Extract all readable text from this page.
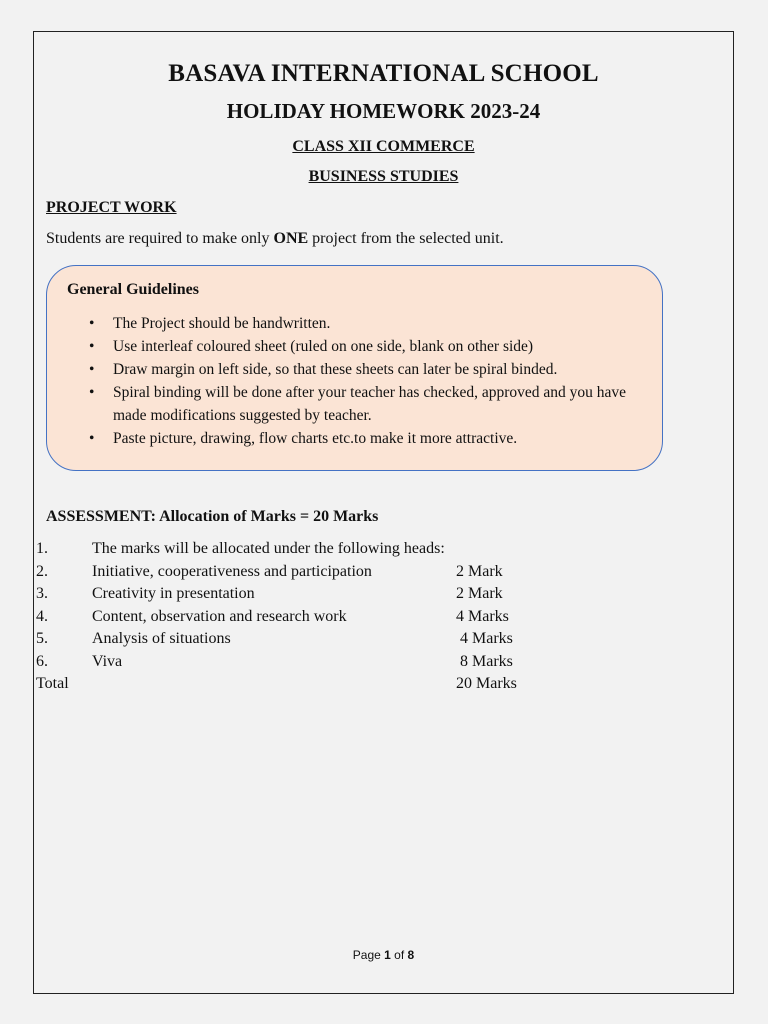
BASAVA INTERNATIONAL SCHOOL
HOLIDAY HOMEWORK 2023-24
CLASS XII COMMERCE
BUSINESS STUDIES
PROJECT WORK
Students are required to make only ONE project from the selected unit.
General Guidelines
• The Project should be handwritten.
• Use interleaf coloured sheet (ruled on one side, blank on other side)
• Draw margin on left side, so that these sheets can later be spiral binded.
• Spiral binding will be done after your teacher has checked, approved and you have made modifications suggested by teacher.
• Paste picture, drawing, flow charts etc.to make it more attractive.
ASSESSMENT: Allocation of Marks = 20 Marks
1.	The marks will be allocated under the following heads:
2.	Initiative, cooperativeness and participation	2 Mark
3.	Creativity in presentation	2 Mark
4.	Content, observation and research work	4 Marks
5.	Analysis of situations	4 Marks
6.	Viva	8 Marks
Total	20 Marks
Page 1 of 8
